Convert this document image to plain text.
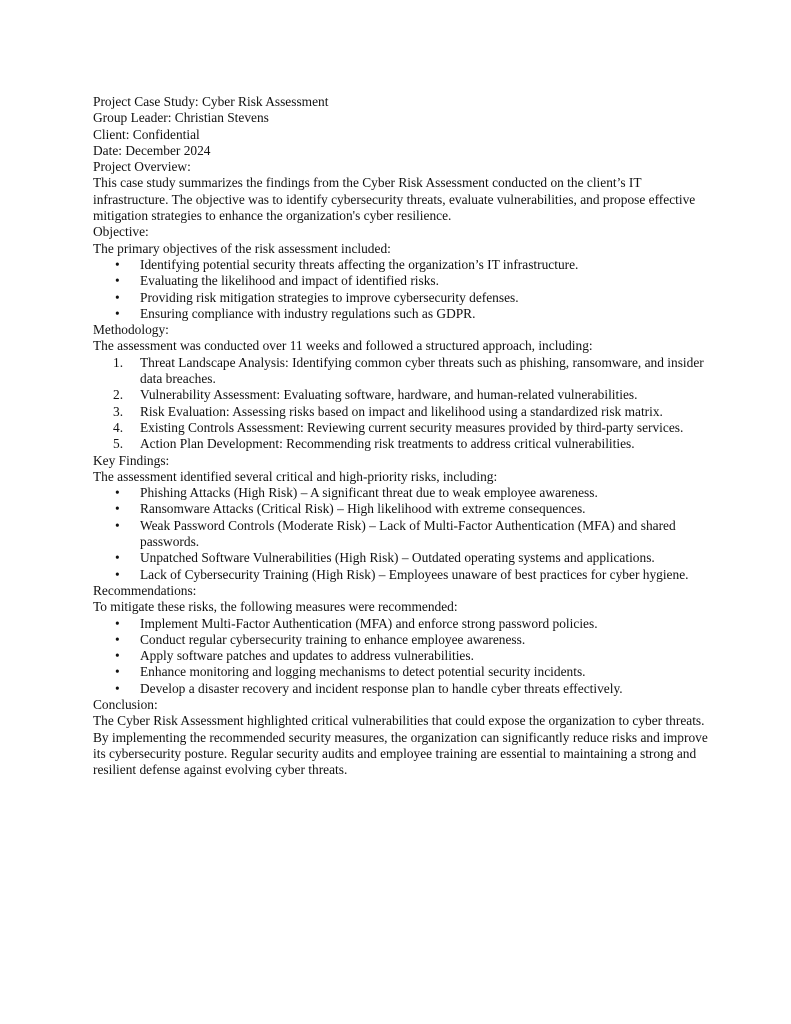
Project Case Study: Cyber Risk Assessment

Group Leader: Christian Stevens

Client: Confidential

Date: December 2024

Project Overview:

This case study summarizes the findings from the Cyber Risk Assessment conducted on the client’s IT infrastructure. The objective was to identify cybersecurity threats, evaluate vulnerabilities, and propose effective mitigation strategies to enhance the organization's cyber resilience.

Objective:

The primary objectives of the risk assessment included:

• Identifying potential security threats affecting the organization’s IT infrastructure.
• Evaluating the likelihood and impact of identified risks.
• Providing risk mitigation strategies to improve cybersecurity defenses.
• Ensuring compliance with industry regulations such as GDPR.

Methodology:

The assessment was conducted over 11 weeks and followed a structured approach, including:

1. Threat Landscape Analysis: Identifying common cyber threats such as phishing, ransomware, and insider data breaches.
2. Vulnerability Assessment: Evaluating software, hardware, and human-related vulnerabilities.
3. Risk Evaluation: Assessing risks based on impact and likelihood using a standardized risk matrix.
4. Existing Controls Assessment: Reviewing current security measures provided by third-party services.
5. Action Plan Development: Recommending risk treatments to address critical vulnerabilities.

Key Findings:

The assessment identified several critical and high-priority risks, including:

• Phishing Attacks (High Risk) – A significant threat due to weak employee awareness.
• Ransomware Attacks (Critical Risk) – High likelihood with extreme consequences.
• Weak Password Controls (Moderate Risk) – Lack of Multi-Factor Authentication (MFA) and shared passwords.
• Unpatched Software Vulnerabilities (High Risk) – Outdated operating systems and applications.
• Lack of Cybersecurity Training (High Risk) – Employees unaware of best practices for cyber hygiene.

Recommendations:

To mitigate these risks, the following measures were recommended:

• Implement Multi-Factor Authentication (MFA) and enforce strong password policies.
• Conduct regular cybersecurity training to enhance employee awareness.
• Apply software patches and updates to address vulnerabilities.
• Enhance monitoring and logging mechanisms to detect potential security incidents.
• Develop a disaster recovery and incident response plan to handle cyber threats effectively.

Conclusion:

The Cyber Risk Assessment highlighted critical vulnerabilities that could expose the organization to cyber threats. By implementing the recommended security measures, the organization can significantly reduce risks and improve its cybersecurity posture. Regular security audits and employee training are essential to maintaining a strong and resilient defense against evolving cyber threats.
